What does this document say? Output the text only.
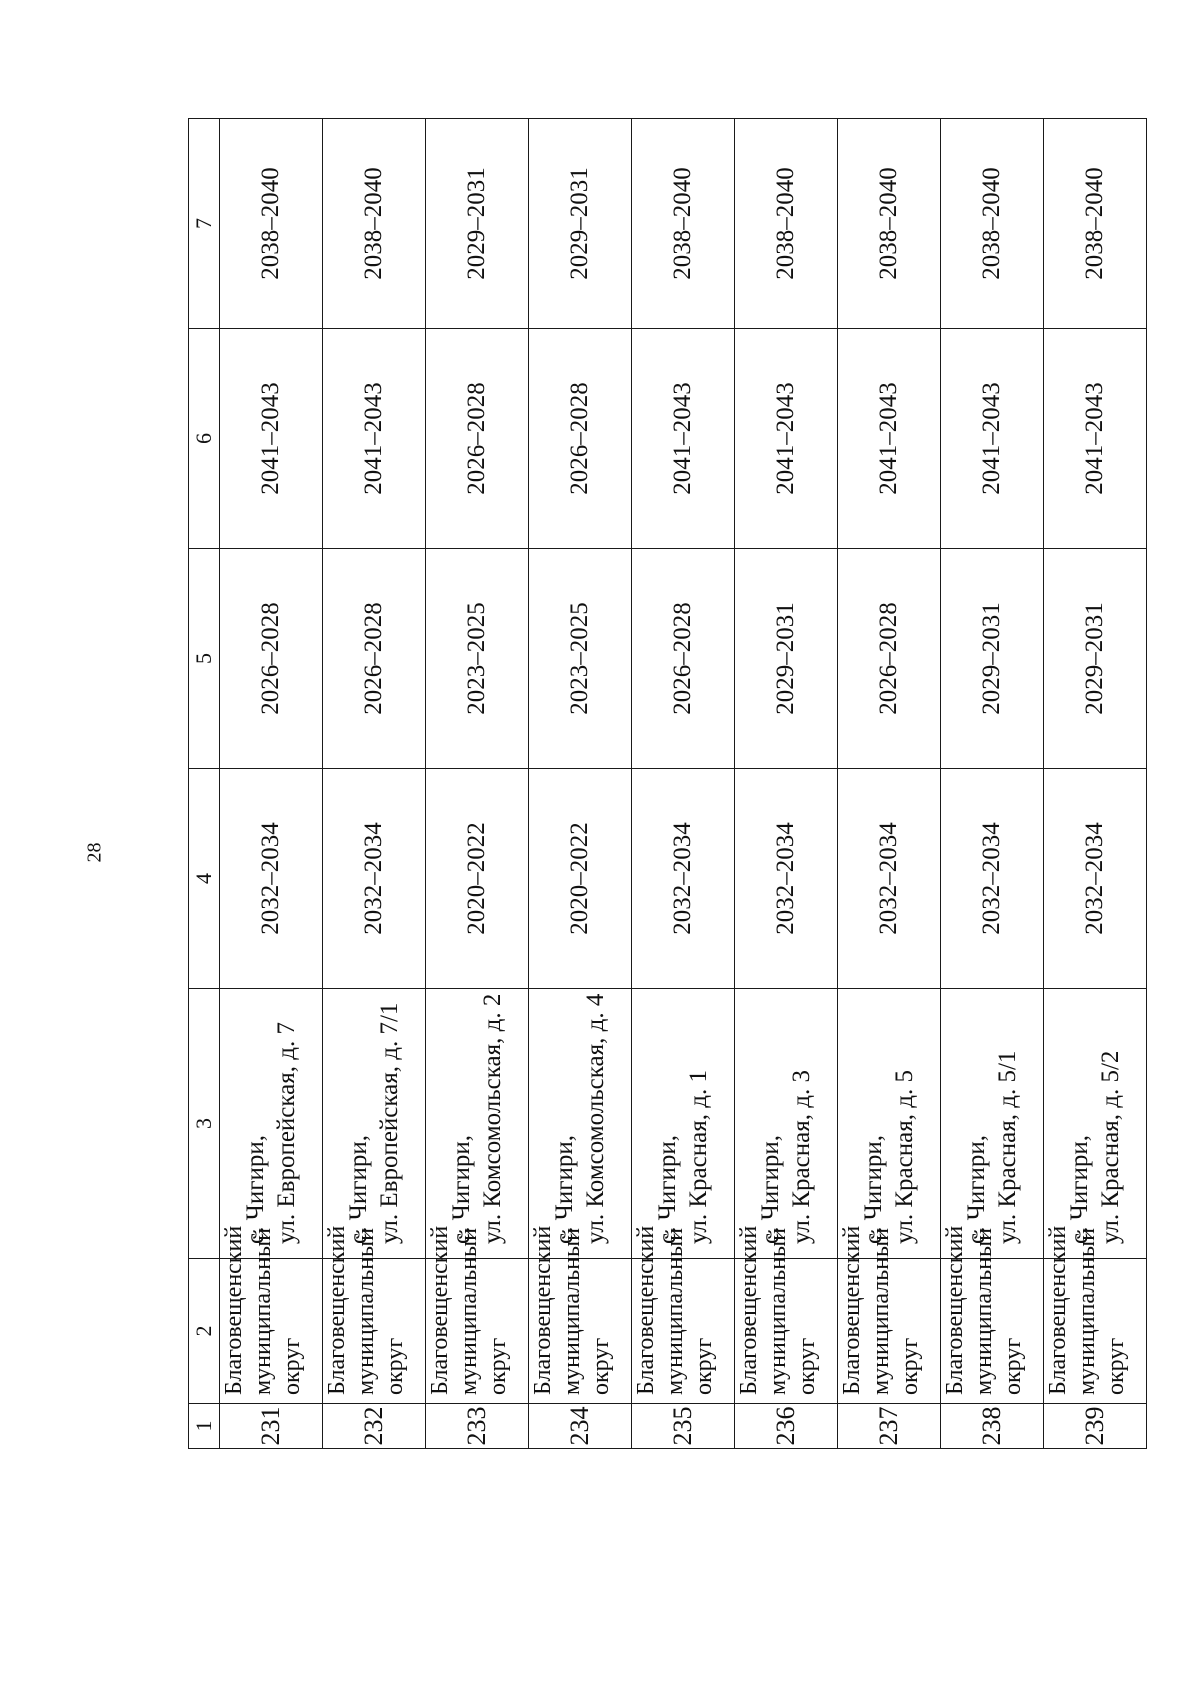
28
1	2	3	4	5	6	7
231	Благовещенский муниципальный округ	с. Чигири, ул. Европейская, д. 7	2032–2034	2026–2028	2041–2043	2038–2040
232	Благовещенский муниципальный округ	с. Чигири, ул. Европейская, д. 7/1	2032–2034	2026–2028	2041–2043	2038–2040
233	Благовещенский муниципальный округ	с. Чигири, ул. Комсомольская, д. 2	2020–2022	2023–2025	2026–2028	2029–2031
234	Благовещенский муниципальный округ	с. Чигири, ул. Комсомольская, д. 4	2020–2022	2023–2025	2026–2028	2029–2031
235	Благовещенский муниципальный округ	с. Чигири, ул. Красная, д. 1	2032–2034	2026–2028	2041–2043	2038–2040
236	Благовещенский муниципальный округ	с. Чигири, ул. Красная, д. 3	2032–2034	2029–2031	2041–2043	2038–2040
237	Благовещенский муниципальный округ	с. Чигири, ул. Красная, д. 5	2032–2034	2026–2028	2041–2043	2038–2040
238	Благовещенский муниципальный округ	с. Чигири, ул. Красная, д. 5/1	2032–2034	2029–2031	2041–2043	2038–2040
239	Благовещенский муниципальный округ	с. Чигири, ул. Красная, д. 5/2	2032–2034	2029–2031	2041–2043	2038–2040
